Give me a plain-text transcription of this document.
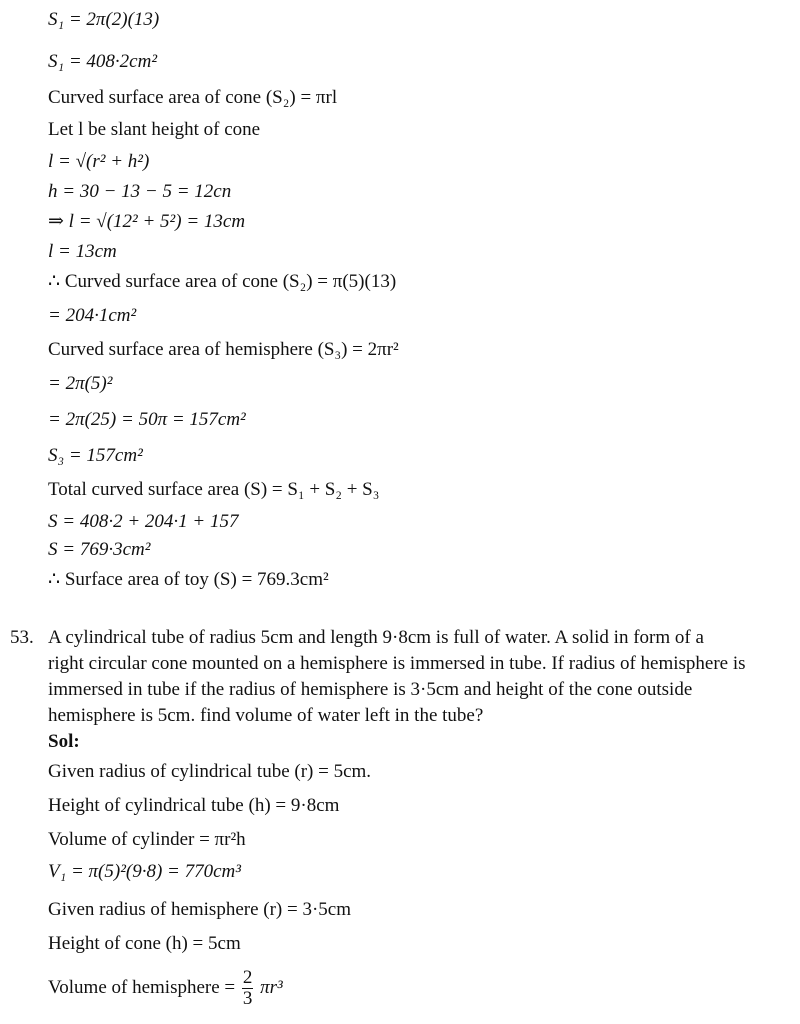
S₁ = 2π(2)(13)
S₁ = 408·2cm²
Curved surface area of cone (S₂) = πrl
Let l be slant height of cone
l = √(r² + h²)
h = 30 − 13 − 5 = 12cn
⇒ l = √(12² + 5²) = 13cm
l = 13cm
∴ Curved surface area of cone (S₂) = π(5)(13)
= 204·1cm²
Curved surface area of hemisphere (S₃) = 2πr²
= 2π(5)²
= 2π(25) = 50π = 157cm²
S₃ = 157cm²
Total curved surface area (S) = S₁ + S₂ + S₃
S = 408·2 + 204·1 + 157
S = 769·3cm²
∴ Surface area of toy (S) = 769.3cm²
53. A cylindrical tube of radius 5cm and length 9·8cm is full of water. A solid in form of a
right circular cone mounted on a hemisphere is immersed in tube. If radius of hemisphere is
immersed in tube if the radius of hemisphere is 3·5cm and height of the cone outside
hemisphere is 5cm. find volume of water left in the tube?
Sol:
Given radius of cylindrical tube (r) = 5cm.
Height of cylindrical tube (h) = 9·8cm
Volume of cylinder = πr²h
V₁ = π(5)²(9·8) = 770cm³
Given radius of hemisphere (r) = 3·5cm
Height of cone (h) = 5cm
Volume of hemisphere = $\frac{2}{3} \pi r^3$
